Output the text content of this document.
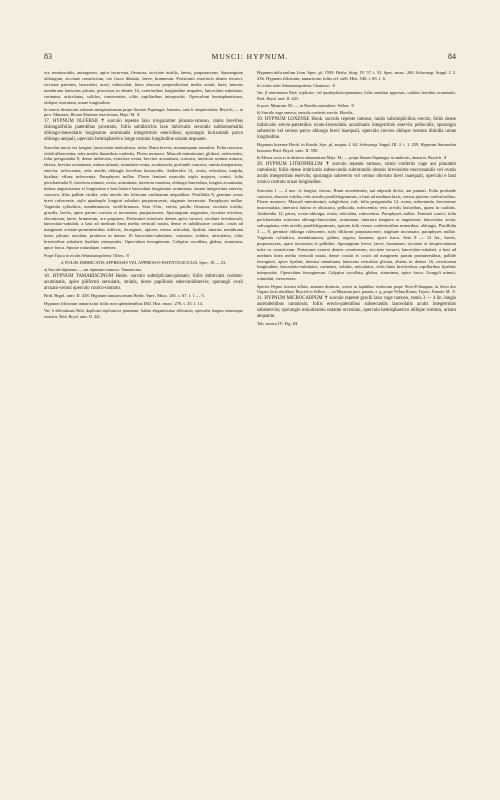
83	MUSCI: HYPNUM.	84

vix semiuncialis, autargeneo, apice incurvata, flexuosa, siccitate tortilis, laevis, purpurascens. Sporangium oblongum, siccitate constrictum, ore fusco dilatato, laeve, brunneum. Peristomii exterioris dentes incurvi, siccitate patentes, lanceolati, acuti, trabeculati, lineo obscura perpendiculari medio notati, lutei; interius membrana latescens plicata, processus in dentes 16, exterioribus longitudine aequales, lanceolato-subulatus, carinatus, articulatus, solidos, conniventes, ciliis capillaribus interpositis. Operculum hemisphaericum, oblique rostratum, urnae longitudine.

In truncis detruncatis arborum antiquissimarum prope fluvium Papanagor, Januario, cum fr. deoperculatis: Beyrich; — in prov. Minarum, Bicuan Martiano interiectam, Majo: M. ♃

17. HYPNUM OLFERSII ✝ surculo repente laxo irregulariter pinnato-ramoso, ramis brevibus oblongatifoliis patentibus prostratis; foliis subdistichis laxe imbricatis secundis subhomomallis oblongo-lanceolatis longissime acuminatis integerrimis enerviibus; sporangio horizontali parvo oblongo aequali, operculo hemisphaerico longe rostrato longitudine urnam aequante.

Surculus uncia vix longior, fasciculato-radiculosus, rufus. Rami breves, nonnunquam ramulosi. Folia concava, viridi-albescentia, retis areolis linearibus confertis. Flores monoeci. Masculi minutissimi, globosi, rufescentes; folia perigonialia 8, dense imbricata, exteriora ovata, breviter acuminata, concava, interiora semina minora, latiora, brevius acuminata, intima minuta, rotundato-ovata, acutiuscula, profunde concava, omnia integerrima, enervia, rufescentia; retis areolis oblongis brevibus laxiusculis. Antheridia 12, ovata, reticulata, turgida, hyalina; effusa rufescentia. Paraphyses nullae. Flores feminei masculis triplo majores, conici; folia perichaetialia 8, exteriora minuta, ovata, acuminata, interiora maxima, oblongo-lanceolata, longius acuminata, intima angustissima et longissima e basi latiore lanceolata longissime acuminata; omnia integerrima enervia, concava, filiis pallide viridia, retis areolis his foliorum caulinarum aequalibus. Pistillidia 8, germine ovato brevi rufescente, stylo quadruplo longiori subulato purpurascente, stigmate incrassato. Paraphyses nullae. Vaginula cylindrica, membranacea, viridi-brunnea. Seta 3-lin., erecta, paullo flexuosa, siccitate tortilis, gracilis, laevis, apice parum curvata et incrassata, purpurascens. Sporangium angustum, siccitate erectum, obconicum, laeve, brunneum, ore purpureo. Peristomii exterioris dentes apice incurvi, siccitate erectiusculi, lanceolato-subulati, a basi ad medium linea media verticali notati, dense et subtilissime costati, costis ad marginem cristato-prominentibus inflexis, ferruginei, apicem versus articulati, hyalini; interius membrana lutea, plicata, areolata, producta in dentes 16 lanceolato-subulatos, carinatos, solidos, articulatos, ciliis brevioribus subulatis hyalinis interpositis. Operculum ferrugineum. Calyptra cucullata, glabra, straminea, apice fusca. Sporae rotundatae, virentes.

Prope Tijuca in rivulis Sebastianopolensi: Olfers. ♃

4. FOLIIS IMBRICATIS APPRESSIS VEL APPRESSO-PATENTIUSCULIS. Spec. 18 — 23.

a) Surculo bipinnato — aut tripinnato-ramoso. Tamariscina.

18. HYPNUM TAMARISCINUM Hedw. surculo subtripliciato-pinnato; foliis imbricatis cordato-acuminatis, apice piliformi serrulatis, striatis, dorso papillosis subevanidinervis; sporangii ovali arcuato-cernui operculo conico-rostrato.

Brid. Brgol. univ. II. 438. Hypnum tamariscinum Hedw. Spec. Musc. 261. t. 67. f. 1 — 5.

Hypnum filicinum tamariscini foliis non splendentibus Dill. Hist. musc. 276. t. 35. f. 14.

Var. δ deliculatum Brid. duplicato-triplicatove pinnatum, habitu elegantissimo delicatulo, operculis longius tenuiusque rostratis. Brid. Bryol. univ. II. 441.

Hypnum delicatulum Linn. Spec. pl. 1599. Hedw. Stirp. IV. 57. t. 33. Spec. musc. 260. Schwaegr. Suppl. I. 2. 236. Hypnum filicinum, tamariscini foliis rel. stell. Hist. 546. t. 83. f. 6.

In ricinis arbis Sebastianopolensi: Chamisso. ♃

Var. β tenerrimum Brid. triplicato- vel quadriplicato-pinnatum; foliis omnibus approssis, caulinis brevibus acuminatis. Brid. Bryol. univ. II. 443.

In prov. Minarum: M.; — in Brasilia australiore: Sellow. ♃

b) Surculo vage ramoso; ramulis confertis erectis. Morelia.

19. HYPNUM LOXENSE Hook. surculo repente ramoso, ramis subsimplicibus erectis; foliis dense imbricatis erecto-patentibus ovato-lanceolatis acuminatis integerrimis enerviis pellucidis; sporangio suberecto vel cernuo parvo oblongo brevi inaequali, operculo conveo oblique rostrato dimidia urnae longitudine.

Hypnum loxense Hook. in Kunth. Syn. pl. aequin. I. 62. Schwaegr. Suppl. III. 2. t. 1. 259. Hypnum Sternodon laxensis Brid. Bryol. univ. II. 590.

In Missia socia et in districtu adamantium Majo: M.; — prope flumen Papanagor in umbrosis, Januario: Beyrich. ♃

20. HYPNUM LITHOPHILUM ✝ surculo repente ramoso, ramis confertis vage aut pinnatim ramulosis; foliis dense imbricatis subsecundis subrotundis obtusis brevissime mucronatulis vel ovatis acutis integerrimis enerviis; sporangio suberecto vel cernuo obovato brevi inaequali, operculo e basi conico rostrato urnae longitudine.

Surculus 1 — 2 unc. et longior, fuscus. Rami ascendentes, aut adpositi divisi, aut pinnati. Folia profunde concava, obscure viridia; retis areolis parallelogrammis, a basi ad medium laxis, versus apicem confertioribus. Flores monoeci. Masculi minutissimi, subglobosi, rufi; folia perigonialia 12, ovata, subrotunda, brevissime mucronulata; interiora latiora et obtusiora, pellucida, rufescentia; retis areolis laxioribus, quam in caulinis. Antheridia 12, parva, ovato-oblonga, ovata, reticulata, rufescentia. Paraphyses nullae. Feminei conici; folia perichaetialia exteriora oblongo-lanceolata, acuminata, interiora longiora et angustiora, lanceolata, acuta, subvaginata; retis areolis parallelogrammis, apicem folii versus confertioribus minoribus, oblongis. Pistillidia 3 — 8, germine oblongo rufescente, stylo filiformi purpurascente, stigmate incrassato; paraphyses nullae. Vaginula cylindrica, membranacea, glabra, rugosa, brunnea, apice fusca. Seta 8 — 12 lin., laevis, purpurascens, apice incrassata et pallidior. Sporangium breve, laeve, brunneum, siccitate et deoperculatum infra os constrictum. Peristomii externi dentes conniventes, siccitate incurvi, lanceolato-subulati, a basi ad medium linea media verticali notati, dense costati et costis ad marginem parum prominentibus, pallide ferruginei, apice hyalini; interius membrana latescens reticulata plicata, abiens in dentes 16, exteriorum longitudine, lanceolato-subulatos, carinatos, solidos, articulatos, ciliis binis brevioribus capillaribus hyalinis interpositis. Operculum ferrugineum. Calyptra cucullata, glabra, straminea, apice fusca. Gongyli minuti, rotundati, virescentes.

Species Hypno loxensi affinis, attamen distincta, crescit in lapidibus rivulorum prope Novo-Friburgum, in Serra dos Orgaos locis similibus: Beyrich et Sellow; — in Minarum prov. passim, e. g. prope Villam Ricam, Tejuco, Fanado: M. ♃

21. HYPNUM MICROCARPUM ✝ surculo repente gracili laxo vage ramoso, ramis 3 — 4 lin. longis ascendentibus ramulosis; foliis erecto-patentibus subsecundis lanceolatis acutis integerrimis subenerviis; sporangio minutissimo nutante urceolato, operculo hemisphaerico oblique rostrato, urnam aequante.

Tab. nostra IV. Fig. III.
